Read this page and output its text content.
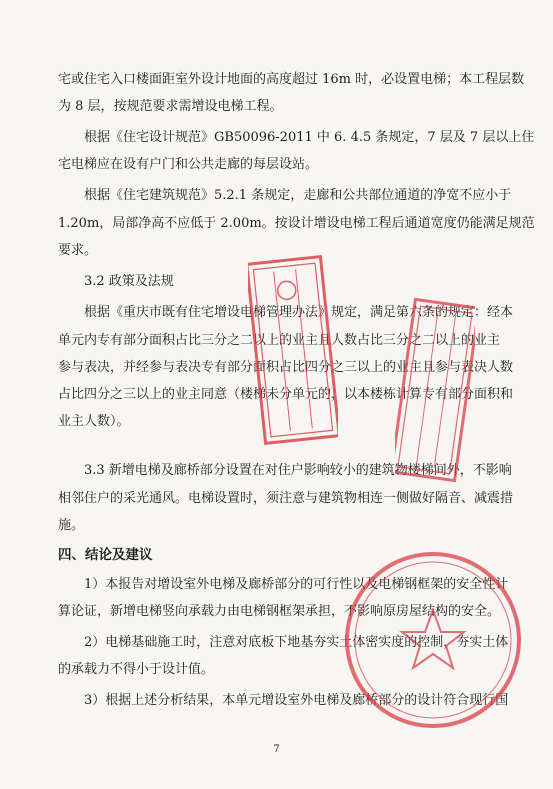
宅或住宅入口楼面距室外设计地面的高度超过 16m 时，必设置电梯；本工程层数
为 8 层，按规范要求需增设电梯工程。
根据《住宅设计规范》GB50096-2011 中 6. 4.5 条规定，7 层及 7 层以上住
宅电梯应在设有户门和公共走廊的每层设站。
根据《住宅建筑规范》5.2.1 条规定，走廊和公共部位通道的净宽不应小于
1.20m，局部净高不应低于 2.00m。按设计增设电梯工程后通道宽度仍能满足规范
要求。
3.2 政策及法规
根据《重庆市既有住宅增设电梯管理办法》规定，满足第六条的规定：经本
单元内专有部分面积占比三分之二以上的业主且人数占比三分之二以上的业主
参与表决，并经参与表决专有部分面积占比四分之三以上的业主且参与表决人数
占比四分之三以上的业主同意（楼梯未分单元的，以本楼栋计算专有部分面积和
业主人数）。
3.3 新增电梯及廊桥部分设置在对住户影响较小的建筑物楼梯间外，不影响
相邻住户的采光通风。电梯设置时，须注意与建筑物相连一侧做好隔音、减震措
施。
四、结论及建议
1）本报告对增设室外电梯及廊桥部分的可行性以及电梯钢框架的安全性计
算论证，新增电梯竖向承载力由电梯钢框架承担，不影响原房屋结构的安全。
2）电梯基础施工时，注意对底板下地基夯实土体密实度的控制，夯实土体
的承载力不得小于设计值。
3）根据上述分析结果，本单元增设室外电梯及廊桥部分的设计符合现行国
7
